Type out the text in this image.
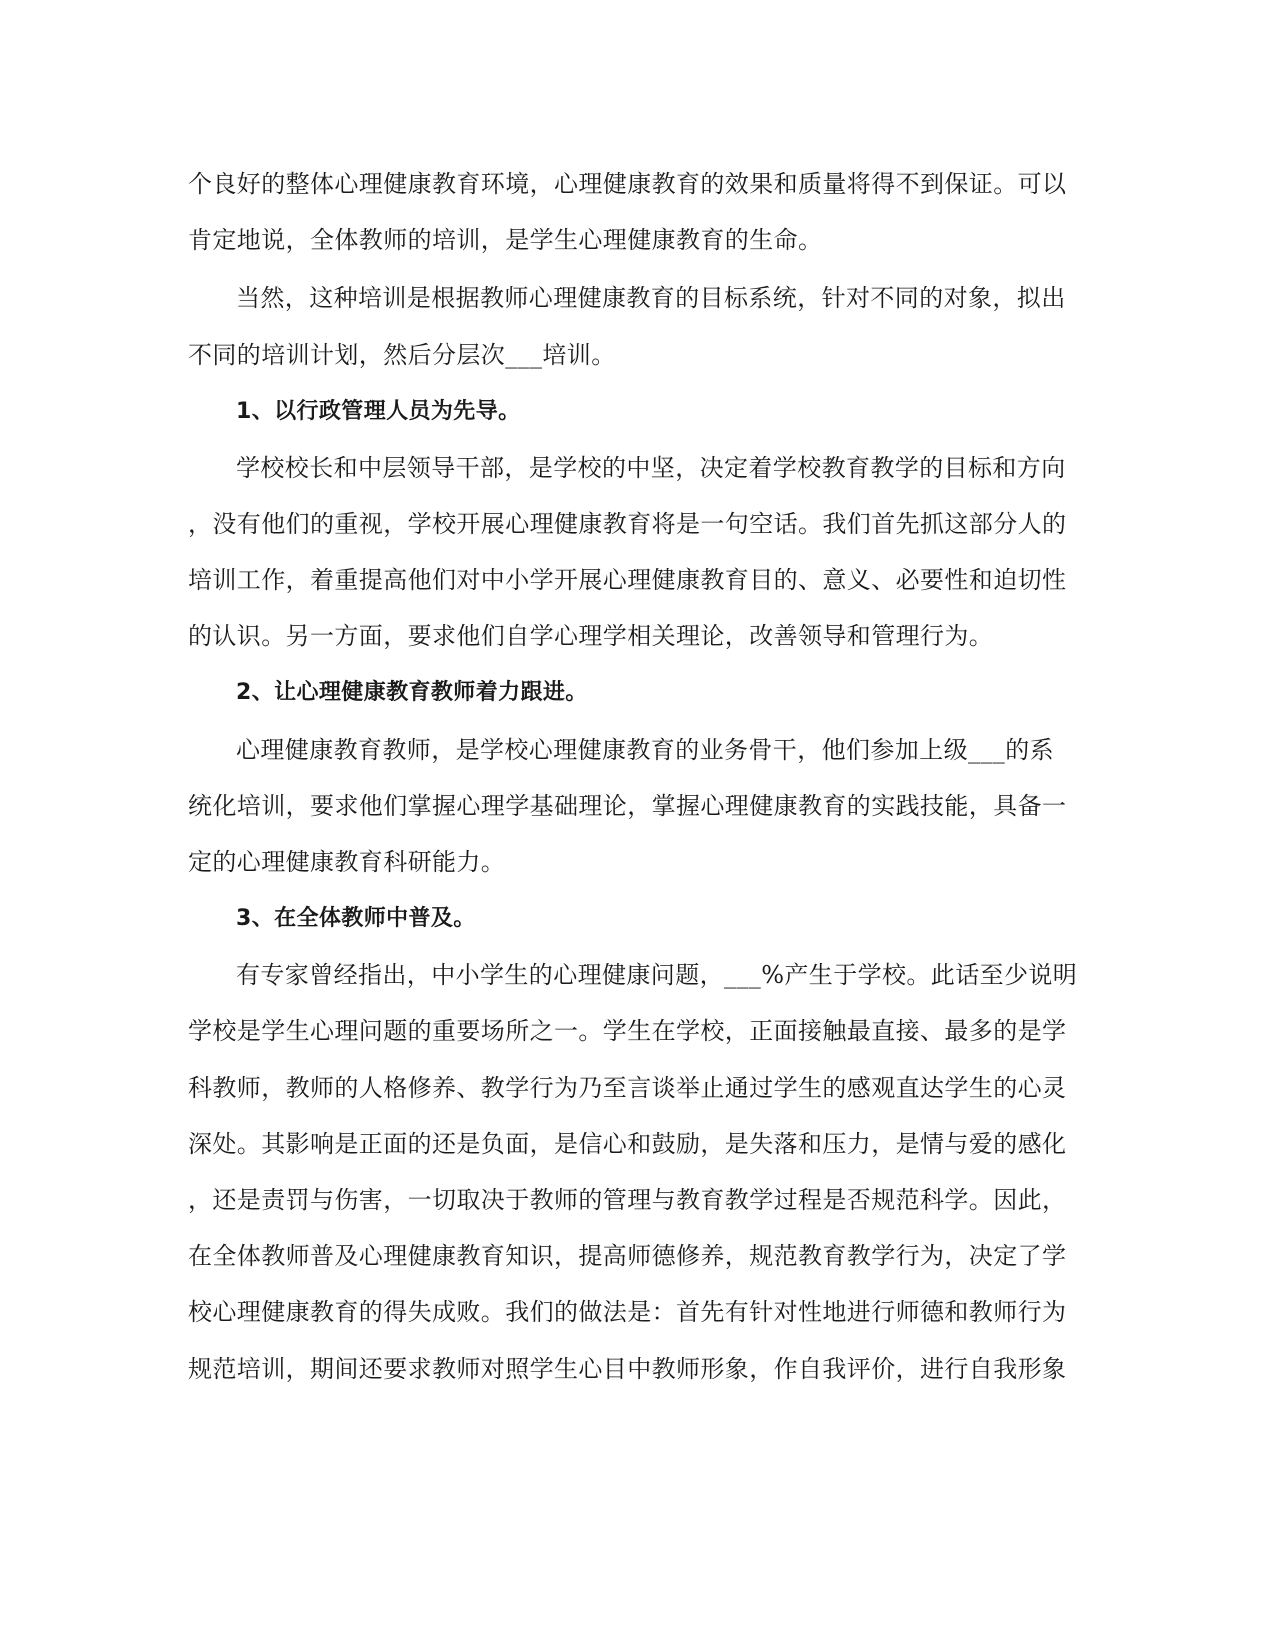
个良好的整体心理健康教育环境，心理健康教育的效果和质量将得不到保证。可以
肯定地说，全体教师的培训，是学生心理健康教育的生命。
当然，这种培训是根据教师心理健康教育的目标系统，针对不同的对象，拟出
不同的培训计划，然后分层次___培训。
1、以行政管理人员为先导。
学校校长和中层领导干部，是学校的中坚，决定着学校教育教学的目标和方向
，没有他们的重视，学校开展心理健康教育将是一句空话。我们首先抓这部分人的
培训工作，着重提高他们对中小学开展心理健康教育目的、意义、必要性和迫切性
的认识。另一方面，要求他们自学心理学相关理论，改善领导和管理行为。
2、让心理健康教育教师着力跟进。
心理健康教育教师，是学校心理健康教育的业务骨干，他们参加上级___的系
统化培训，要求他们掌握心理学基础理论，掌握心理健康教育的实践技能，具备一
定的心理健康教育科研能力。
3、在全体教师中普及。
有专家曾经指出，中小学生的心理健康问题，___%产生于学校。此话至少说明
学校是学生心理问题的重要场所之一。学生在学校，正面接触最直接、最多的是学
科教师，教师的人格修养、教学行为乃至言谈举止通过学生的感观直达学生的心灵
深处。其影响是正面的还是负面，是信心和鼓励，是失落和压力，是情与爱的感化
，还是责罚与伤害，一切取决于教师的管理与教育教学过程是否规范科学。因此，
在全体教师普及心理健康教育知识，提高师德修养，规范教育教学行为，决定了学
校心理健康教育的得失成败。我们的做法是：首先有针对性地进行师德和教师行为
规范培训，期间还要求教师对照学生心目中教师形象，作自我评价，进行自我形象
